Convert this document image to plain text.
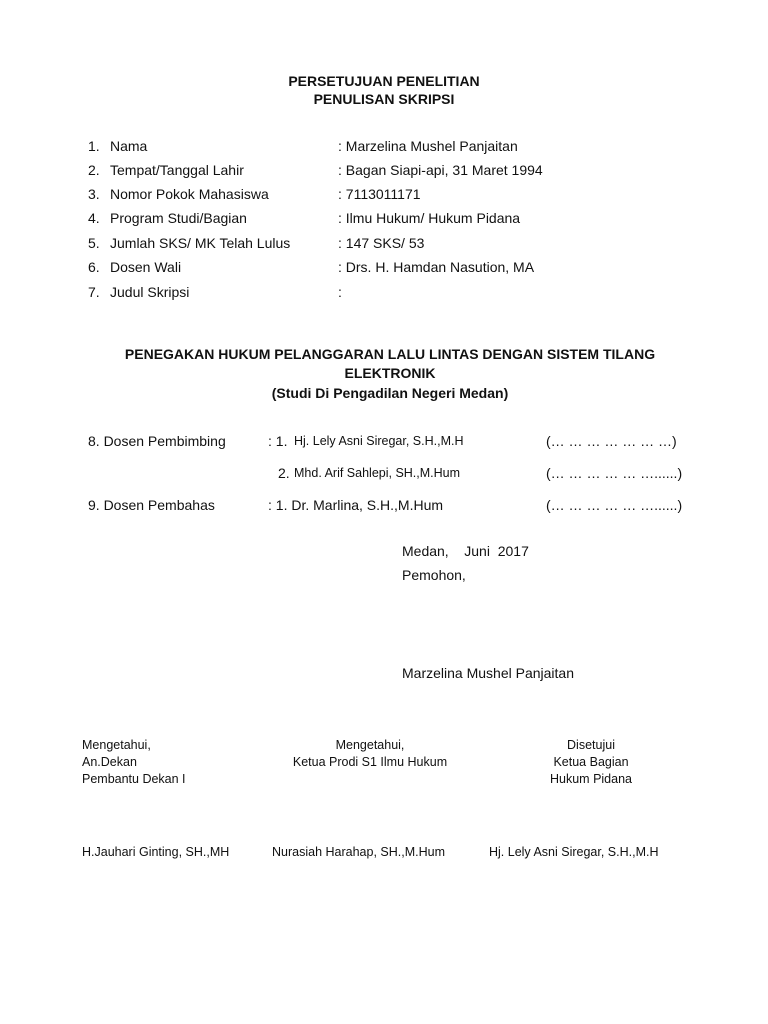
PERSETUJUAN PENELITIAN
PENULISAN SKRIPSI
1. Nama	: Marzelina Mushel Panjaitan
2. Tempat/Tanggal Lahir	: Bagan Siapi-api, 31 Maret 1994
3. Nomor Pokok Mahasiswa	: 7113011171
4. Program Studi/Bagian	: Ilmu Hukum/ Hukum Pidana
5. Jumlah SKS/ MK Telah Lulus	: 147 SKS/ 53
6. Dosen Wali	: Drs. H. Hamdan Nasution, MA
7. Judul Skripsi	:
PENEGAKAN HUKUM PELANGGARAN LALU LINTAS DENGAN SISTEM TILANG
ELEKTRONIK
(Studi Di Pengadilan Negeri Medan)
8. Dosen Pembimbing	: 1. Hj. Lely Asni Siregar, S.H.,M.H	(… … … … … … …)
2. Mhd. Arif Sahlepi, SH.,M.Hum	(… … … … … …......)
9. Dosen Pembahas	: 1. Dr. Marlina, S.H.,M.Hum	(… … … … … …......)
Medan,    Juni  2017
Pemohon,
Marzelina Mushel Panjaitan
Mengetahui,
An.Dekan
Pembantu Dekan I
H.Jauhari Ginting, SH.,MH
Mengetahui,
Ketua Prodi S1 Ilmu Hukum
Nurasiah Harahap, SH.,M.Hum
Disetujui
Ketua Bagian
Hukum Pidana
Hj. Lely Asni Siregar, S.H.,M.H
